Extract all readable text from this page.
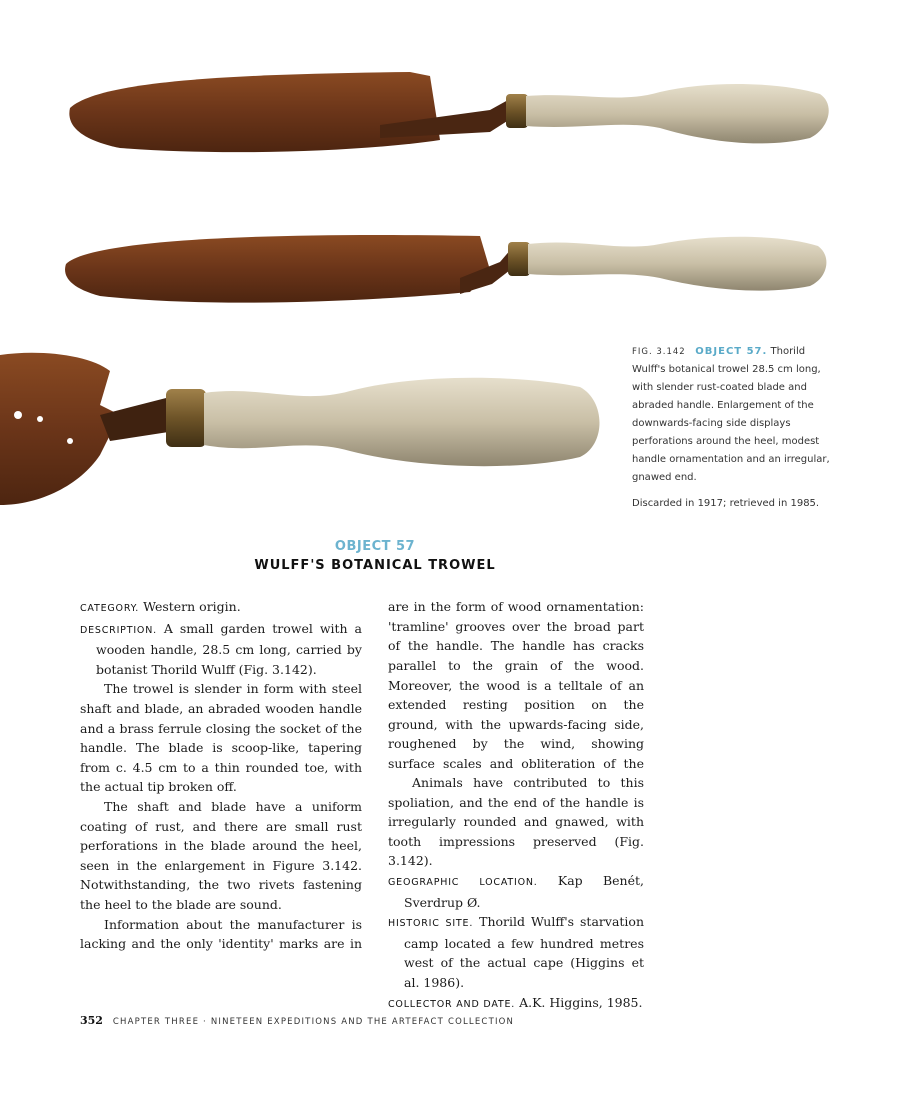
FIG. 3.142 OBJECT 57. Thorild Wulff's botanical trowel 28.5 cm long, with slender rust-coated blade and abraded handle. Enlargement of the downwards-facing side displays perforations around the heel, modest handle ornamentation and an irregular, gnawed end.

Discarded in 1917; retrieved in 1985.

OBJECT 57
WULFF'S BOTANICAL TROWEL

CATEGORY. Western origin.

DESCRIPTION. A small garden trowel with a wooden handle, 28.5 cm long, carried by botanist Thorild Wulff (Fig. 3.142).

The trowel is slender in form with steel shaft and blade, an abraded wooden handle and a brass ferrule closing the socket of the handle. The blade is scoop-like, tapering from c. 4.5 cm to a thin rounded toe, with the actual tip broken off.

The shaft and blade have a uniform coating of rust, and there are small rust perforations in the blade around the heel, seen in the enlargement in Figure 3.142. Notwithstanding, the two rivets fastening the heel to the blade are sound.

Information about the manufacturer is lacking and the only 'identity' marks are in

are in the form of wood ornamentation: 'tramline' grooves over the broad part of the handle. The handle has cracks parallel to the grain of the wood. Moreover, the wood is a telltale of an extended resting position on the ground, with the upwards-facing side, roughened by the wind, showing surface scales and obliteration of the

Animals have contributed to this spoliation, and the end of the handle is irregularly rounded and gnawed, with tooth impressions preserved (Fig. 3.142).

GEOGRAPHIC LOCATION. Kap Benét, Sverdrup Ø.

HISTORIC SITE. Thorild Wulff's starvation camp located a few hundred metres west of the actual cape (Higgins et al. 1986).

COLLECTOR AND DATE. A.K. Higgins, 1985.

352 CHAPTER THREE · NINETEEN EXPEDITIONS AND THE ARTEFACT COLLECTION
